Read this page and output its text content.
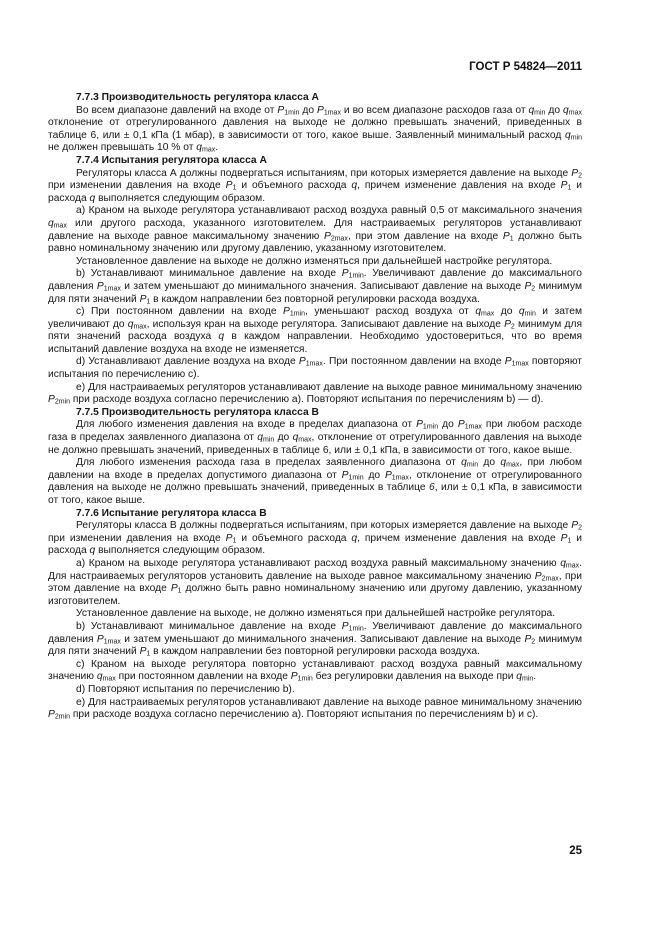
ГОСТ Р 54824—2011
7.7.3 Производительность регулятора класса А

Во всем диапазоне давлений на входе от $P_{1min}$ до $P_{1max}$ и во всем диапазоне расходов газа от $q_{min}$ до $q_{max}$ отклонение от отрегулированного давления на выходе не должно превышать значений, приведенных в таблице 6, или ± 0,1 кПа (1 мбар), в зависимости от того, какое выше. Заявленный минимальный расход $q_{min}$ не должен превышать 10 % от $q_{max}$.

7.7.4 Испытания регулятора класса А

Регуляторы класса А должны подвергаться испытаниям, при которых измеряется давление на выходе $P_2$ при изменении давления на входе $P_1$ и объемного расхода q, причем изменение давления на входе $P_1$ и расхода q выполняется следующим образом.

a) Краном на выходе регулятора устанавливают расход воздуха равный 0,5 от максимального значения $q_{max}$ или другого расхода, указанного изготовителем. Для настраиваемых регуляторов устанавливают давление на выходе равное максимальному значению $P_{2max}$, при этом давление на входе $P_1$ должно быть равно номинальному значению или другому давлению, указанному изготовителем.

Установленное давление на выходе не должно изменяться при дальнейшей настройке регулятора.

b) Устанавливают минимальное давление на входе $P_{1min}$. Увеличивают давление до максимального давления $P_{1max}$ и затем уменьшают до минимального значения. Записывают давление на выходе $P_2$ минимум для пяти значений $P_1$ в каждом направлении без повторной регулировки расхода воздуха.

c) При постоянном давлении на входе $P_{1min}$, уменьшают расход воздуха от $q_{max}$ до $q_{min}$ и затем увеличивают до $q_{max}$, используя кран на выходе регулятора. Записывают давление на выходе $P_2$ минимум для пяти значений расхода воздуха q в каждом направлении. Необходимо удостовериться, что во время испытаний давление воздуха на входе не изменяется.

d) Устанавливают давление воздуха на входе $P_{1max}$. При постоянном давлении на входе $P_{1max}$ повторяют испытания по перечислению с).

e) Для настраиваемых регуляторов устанавливают давление на выходе равное минимальному значению $P_{2min}$ при расходе воздуха согласно перечислению а). Повторяют испытания по перечислениям b) — d).

7.7.5 Производительность регулятора класса В

Для любого изменения давления на входе в пределах диапазона от $P_{1min}$ до $P_{1max}$ при любом расходе газа в пределах заявленного диапазона от $q_{min}$ до $q_{max}$, отклонение от отрегулированного давления на выходе не должно превышать значений, приведенных в таблице 6, или ± 0,1 кПа, в зависимости от того, какое выше.

Для любого изменения расхода газа в пределах заявленного диапазона от $q_{min}$ до $q_{max}$, при любом давлении на входе в пределах допустимого диапазона от $P_{1min}$ до $P_{1max}$, отклонение от отрегулированного давления на выходе не должно превышать значений, приведенных в таблице 6, или ± 0,1 кПа, в зависимости от того, какое выше.

7.7.6 Испытание регулятора класса В

Регуляторы класса В должны подвергаться испытаниям, при которых измеряется давление на выходе $P_2$ при изменении давления на входе $P_1$ и объемного расхода q, причем изменение давления на входе $P_1$ и расхода q выполняется следующим образом.

a) Краном на выходе регулятора устанавливают расход воздуха равный максимальному значению $q_{max}$. Для настраиваемых регуляторов установить давление на выходе равное максимальному значению $P_{2max}$, при этом давление на входе $P_1$ должно быть равно номинальному значению или другому давлению, указанному изготовителем.

Установленное давление на выходе, не должно изменяться при дальнейшей настройке регулятора.

b) Устанавливают минимальное давление на входе $P_{1min}$. Увеличивают давление до максимального давления $P_{1max}$ и затем уменьшают до минимального значения. Записывают давление на выходе $P_2$ минимум для пяти значений $P_1$ в каждом направлении без повторной регулировки расхода воздуха.

c) Краном на выходе регулятора повторно устанавливают расход воздуха равный максимальному значению $q_{max}$ при постоянном давлении на входе $P_{1min}$ без регулировки давления на выходе при $q_{min}$.

d) Повторяют испытания по перечислению b).

e) Для настраиваемых регуляторов устанавливают давление на выходе равное минимальному значению $P_{2min}$ при расходе воздуха согласно перечислению а). Повторяют испытания по перечислениям b) и с).

25
